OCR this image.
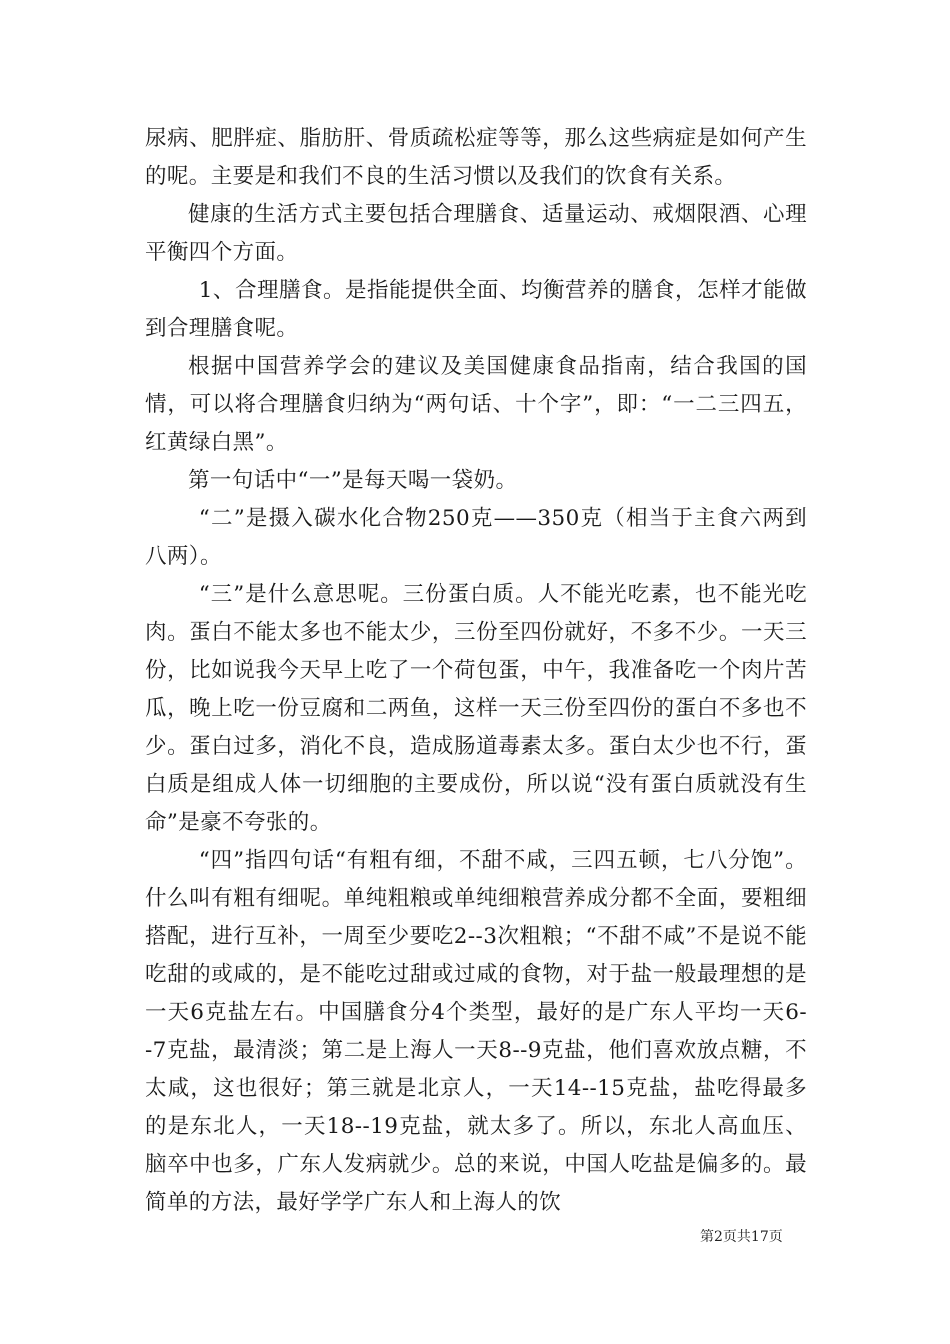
尿病、肥胖症、脂肪肝、骨质疏松症等等，那么这些病症是如何产生的呢。主要是和我们不良的生活习惯以及我们的饮食有关系。

健康的生活方式主要包括合理膳食、适量运动、戒烟限酒、心理平衡四个方面。

1、合理膳食。是指能提供全面、均衡营养的膳食，怎样才能做到合理膳食呢。

根据中国营养学会的建议及美国健康食品指南，结合我国的国情，可以将合理膳食归纳为“两句话、十个字”，即：“一二三四五，红黄绿白黑”。

第一句话中“一”是每天喝一袋奶。

“二”是摄入碳水化合物250克——350克（相当于主食六两到八两）。

“三”是什么意思呢。三份蛋白质。人不能光吃素，也不能光吃肉。蛋白不能太多也不能太少，三份至四份就好，不多不少。一天三份，比如说我今天早上吃了一个荷包蛋，中午，我准备吃一个肉片苦瓜，晚上吃一份豆腐和二两鱼，这样一天三份至四份的蛋白不多也不少。蛋白过多，消化不良，造成肠道毒素太多。蛋白太少也不行，蛋白质是组成人体一切细胞的主要成份，所以说“没有蛋白质就没有生命”是豪不夸张的。

“四”指四句话“有粗有细，不甜不咸，三四五顿，七八分饱”。什么叫有粗有细呢。单纯粗粮或单纯细粮营养成分都不全面，要粗细搭配，进行互补，一周至少要吃2--3次粗粮；“不甜不咸”不是说不能吃甜的或咸的，是不能吃过甜或过咸的食物，对于盐一般最理想的是一天6克盐左右。中国膳食分4个类型，最好的是广东人平均一天6--7克盐，最清淡；第二是上海人一天8--9克盐，他们喜欢放点糖，不太咸，这也很好；第三就是北京人，一天14--15克盐，盐吃得最多的是东北人，一天18--19克盐，就太多了。所以，东北人高血压、脑卒中也多，广东人发病就少。总的来说，中国人吃盐是偏多的。最简单的方法，最好学学广东人和上海人的饮

第2页共17页
